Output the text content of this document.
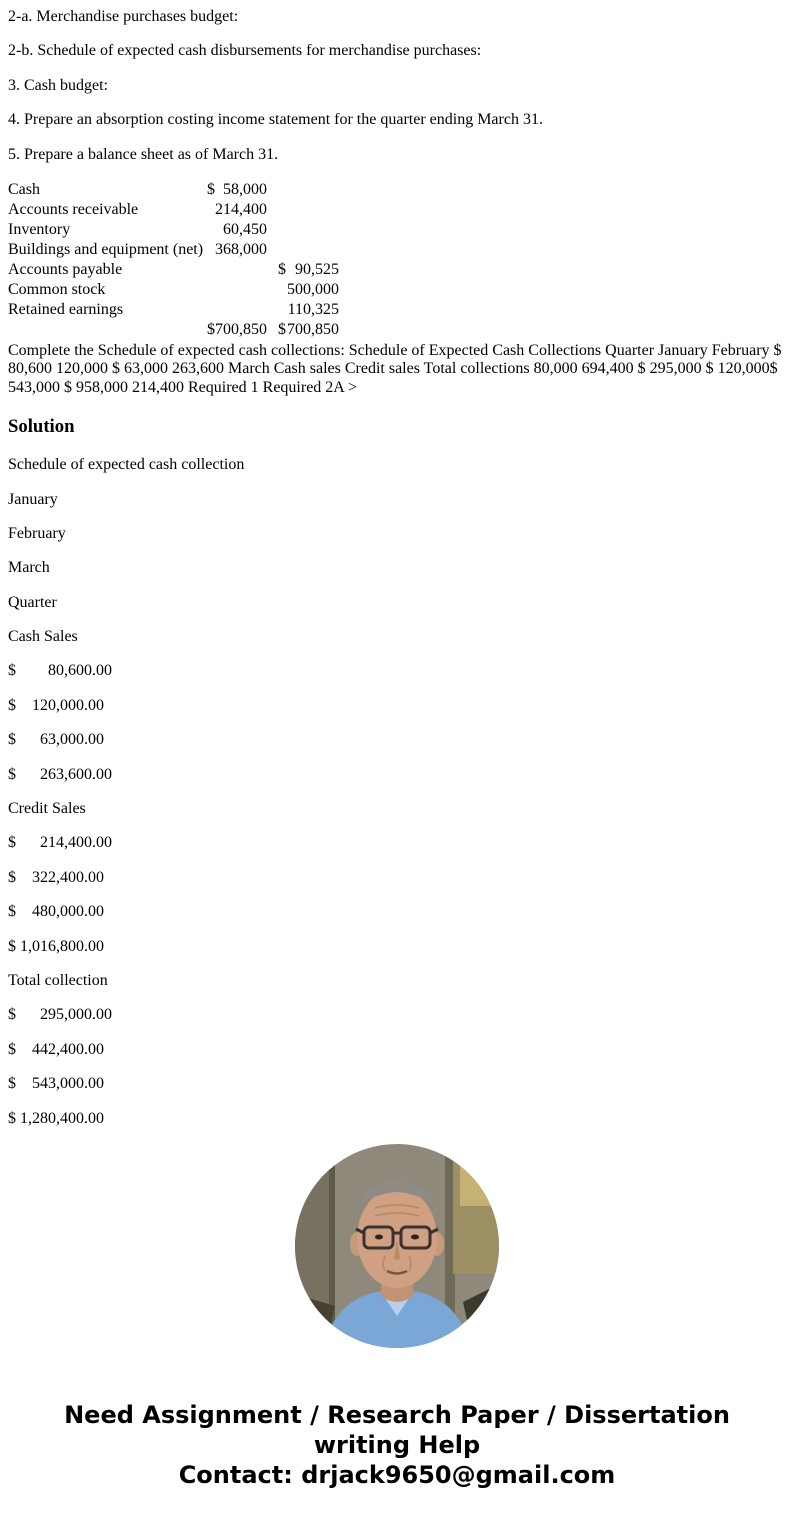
2-a. Merchandise purchases budget:

2-b. Schedule of expected cash disbursements for merchandise purchases:

3. Cash budget:

4. Prepare an absorption costing income statement for the quarter ending March 31.

5. Prepare a balance sheet as of March 31.

Cash	$	58,000		
Accounts receivable		214,400		
Inventory		60,450		
Buildings and equipment (net)		368,000		
Accounts payable			$	90,525
Common stock				500,000
Retained earnings				110,325
	$	700,850	$	700,850

Complete the Schedule of expected cash collections: Schedule of Expected Cash Collections Quarter January February $ 80,600 120,000 $ 63,000 263,600 March Cash sales Credit sales Total collections 80,000 694,400 $ 295,000 $ 120,000$ 543,000 $ 958,000 214,400 Required 1 Required 2A >

Solution

Schedule of expected cash collection

January

February

March

Quarter

Cash Sales

$        80,600.00

$    120,000.00

$      63,000.00

$      263,600.00

Credit Sales

$      214,400.00

$    322,400.00

$    480,000.00

$ 1,016,800.00

Total collection

$      295,000.00

$    442,400.00

$    543,000.00

$ 1,280,400.00

Need Assignment / Research Paper / Dissertation writing Help
Contact: drjack9650@gmail.com
